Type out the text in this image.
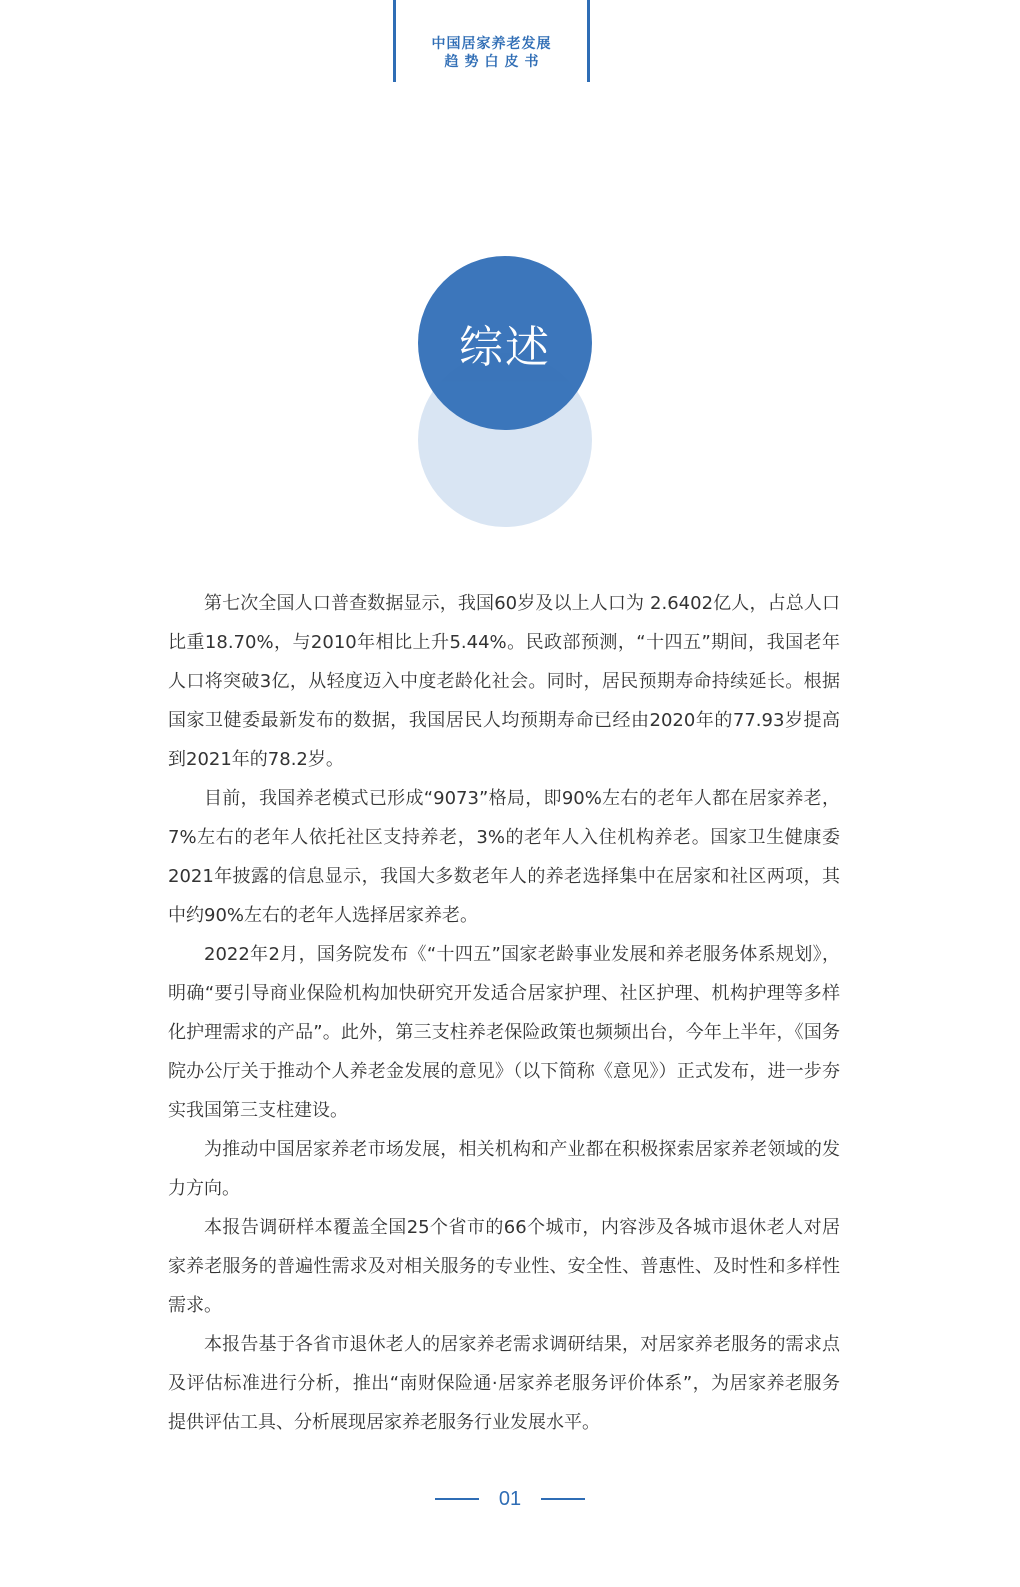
中国居家养老发展
趋势白皮书
综述

第七次全国人口普查数据显示，我国60岁及以上人口为 2.6402亿人，占总人口比重18.70%，与2010年相比上升5.44%。民政部预测，“十四五”期间，我国老年人口将突破3亿，从轻度迈入中度老龄化社会。同时，居民预期寿命持续延长。根据国家卫健委最新发布的数据，我国居民人均预期寿命已经由2020年的77.93岁提高到2021年的78.2岁。

目前，我国养老模式已形成“9073”格局，即90%左右的老年人都在居家养老，7%左右的老年人依托社区支持养老，3%的老年人入住机构养老。国家卫生健康委2021年披露的信息显示，我国大多数老年人的养老选择集中在居家和社区两项，其中约90%左右的老年人选择居家养老。

2022年2月，国务院发布《“十四五”国家老龄事业发展和养老服务体系规划》，明确“要引导商业保险机构加快研究开发适合居家护理、社区护理、机构护理等多样化护理需求的产品”。此外，第三支柱养老保险政策也频频出台，今年上半年，《国务院办公厅关于推动个人养老金发展的意见》（以下简称《意见》）正式发布，进一步夯实我国第三支柱建设。

为推动中国居家养老市场发展，相关机构和产业都在积极探索居家养老领域的发力方向。

本报告调研样本覆盖全国25个省市的66个城市，内容涉及各城市退休老人对居家养老服务的普遍性需求及对相关服务的专业性、安全性、普惠性、及时性和多样性需求。

本报告基于各省市退休老人的居家养老需求调研结果，对居家养老服务的需求点及评估标准进行分析，推出“南财保险通·居家养老服务评价体系”，为居家养老服务提供评估工具、分析展现居家养老服务行业发展水平。

01
